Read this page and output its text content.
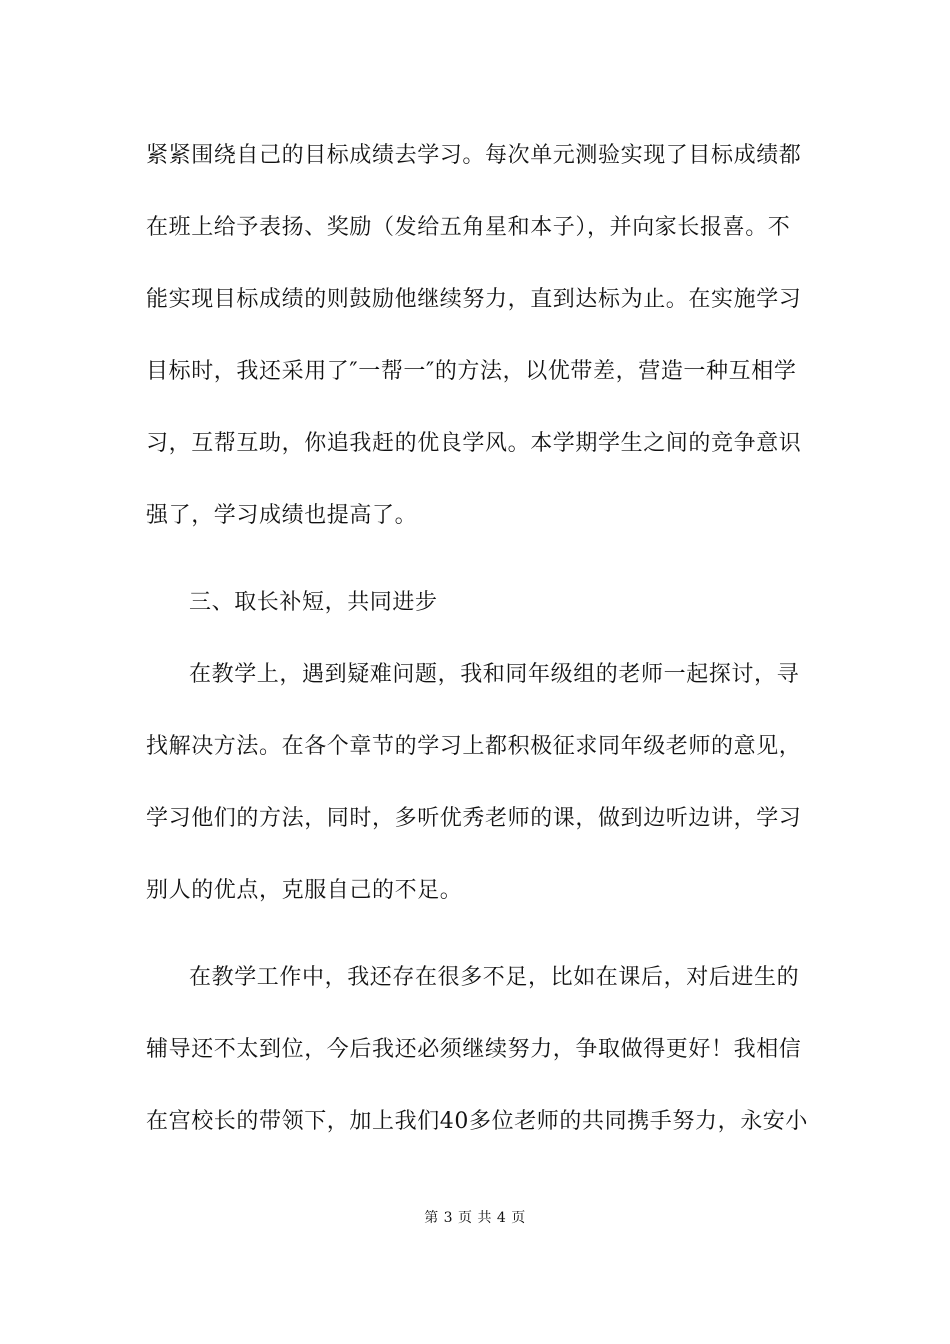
紧紧围绕自己的目标成绩去学习。每次单元测验实现了目标成绩都
在班上给予表扬、奖励（发给五角星和本子），并向家长报喜。不
能实现目标成绩的则鼓励他继续努力，直到达标为止。在实施学习
目标时，我还采用了″一帮一″的方法，以优带差，营造一种互相学
习，互帮互助，你追我赶的优良学风。本学期学生之间的竞争意识
强了，学习成绩也提高了。
三、取长补短，共同进步
在教学上，遇到疑难问题，我和同年级组的老师一起探讨，寻
找解决方法。在各个章节的学习上都积极征求同年级老师的意见，
学习他们的方法，同时，多听优秀老师的课，做到边听边讲，学习
别人的优点，克服自己的不足。
在教学工作中，我还存在很多不足，比如在课后，对后进生的
辅导还不太到位，今后我还必须继续努力，争取做得更好！我相信
在宫校长的带领下，加上我们40多位老师的共同携手努力，永安小
第 3 页 共 4 页
